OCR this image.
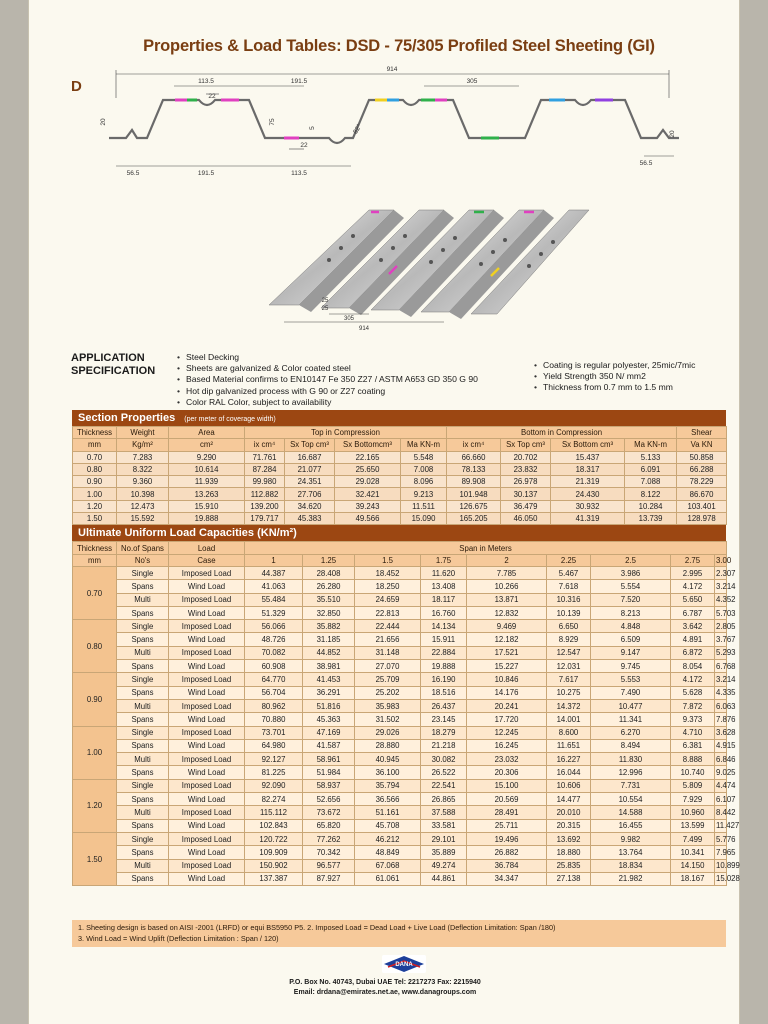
Properties & Load Tables: DSD - 75/305 Profiled Steel Sheeting (GI)
D
914
305
113.5	191.5
22
22
56.5	191.5	113.5
56.5
75
20
20
5	82°
914
305
25
25
APPLICATION
SPECIFICATION
• Steel Decking
• Sheets are galvanized & Color coated steel
• Based Material confirms to EN10147 Fe 350 Z27 / ASTM A653 GD 350 G 90
• Hot dip galvanized process with G 90 or Z27 coating
• Color RAL Color, subject to availability
• Coating is regular polyester, 25mic/7mic
• Yield Strength 350 N/ mm2
• Thickness from 0.7 mm to 1.5 mm
Section Properties (per meter of coverage width)
Thickness	Weight	Area	Top in Compression				Bottom in Compression				Shear
mm	Kg/m²	cm²	ix cm⁴	Sx Top cm³	Sx Bottomcm³	Ma KN-m	ix cm⁴	Sx Top cm³	Sx Bottom cm³	Ma KN-m	Va KN
0.70	7.283	9.290	71.761	16.687	22.165	5.548	66.660	20.702	15.437	5.133	50.858
0.80	8.322	10.614	87.284	21.077	25.650	7.008	78.133	23.832	18.317	6.091	66.288
0.90	9.360	11.939	99.980	24.351	29.028	8.096	89.908	26.978	21.319	7.088	78.229
1.00	10.398	13.263	112.882	27.706	32.421	9.213	101.948	30.137	24.430	8.122	86.670
1.20	12.473	15.910	139.200	34.620	39.243	11.511	126.675	36.479	30.932	10.284	103.401
1.50	15.592	19.888	179.717	45.383	49.566	15.090	165.205	46.050	41.319	13.739	128.978
Ultimate Uniform Load Capacities (KN/m²)
Thickness	No.of Spans	Load	Span in Meters								
mm	No's	Case	1	1.25	1.5	1.75	2	2.25	2.5	2.75	3.00
0.70	Single	Imposed Load	44.387	28.408	18.452	11.620	7.785	5.467	3.986	2.995	2.307
	Spans	Wind Load	41.063	26.280	18.250	13.408	10.266	7.618	5.554	4.172	3.214
	Multi	Imposed Load	55.484	35.510	24.659	18.117	13.871	10.316	7.520	5.650	4.352
	Spans	Wind Load	51.329	32.850	22.813	16.760	12.832	10.139	8.213	6.787	5.703
0.80	Single	Imposed Load	56.066	35.882	22.444	14.134	9.469	6.650	4.848	3.642	2.805
	Spans	Wind Load	48.726	31.185	21.656	15.911	12.182	8.929	6.509	4.891	3.767
	Multi	Imposed Load	70.082	44.852	31.148	22.884	17.521	12.547	9.147	6.872	5.293
	Spans	Wind Load	60.908	38.981	27.070	19.888	15.227	12.031	9.745	8.054	6.768
0.90	Single	Imposed Load	64.770	41.453	25.709	16.190	10.846	7.617	5.553	4.172	3.214
	Spans	Wind Load	56.704	36.291	25.202	18.516	14.176	10.275	7.490	5.628	4.335
	Multi	Imposed Load	80.962	51.816	35.983	26.437	20.241	14.372	10.477	7.872	6.063
	Spans	Wind Load	70.880	45.363	31.502	23.145	17.720	14.001	11.341	9.373	7.876
1.00	Single	Imposed Load	73.701	47.169	29.026	18.279	12.245	8.600	6.270	4.710	3.628
	Spans	Wind Load	64.980	41.587	28.880	21.218	16.245	11.651	8.494	6.381	4.915
	Multi	Imposed Load	92.127	58.961	40.945	30.082	23.032	16.227	11.830	8.888	6.846
	Spans	Wind Load	81.225	51.984	36.100	26.522	20.306	16.044	12.996	10.740	9.025
1.20	Single	Imposed Load	92.090	58.937	35.794	22.541	15.100	10.606	7.731	5.809	4.474
	Spans	Wind Load	82.274	52.656	36.566	26.865	20.569	14.477	10.554	7.929	6.107
	Multi	Imposed Load	115.112	73.672	51.161	37.588	28.491	20.010	14.588	10.960	8.442
	Spans	Wind Load	102.843	65.820	45.708	33.581	25.711	20.315	16.455	13.599	11.427
1.50	Single	Imposed Load	120.722	77.262	46.212	29.101	19.496	13.692	9.982	7.499	5.776
	Spans	Wind Load	109.909	70.342	48.849	35.889	26.882	18.880	13.764	10.341	7.965
	Multi	Imposed Load	150.902	96.577	67.068	49.274	36.784	25.835	18.834	14.150	10.899
	Spans	Wind Load	137.387	87.927	61.061	44.861	34.347	27.138	21.982	18.167	15.028
1. Sheeting design is based on AISI -2001 (LRFD) or equi BS5950 P5. 2. Imposed Load = Dead Load + Live Load (Deflection Limitation: Span /180)
3. Wind Load = Wind Uplift (Deflection Limitation : Span / 120)
DANA
P.O. Box No. 40743, Dubai UAE Tel: 2217273 Fax: 2215940
Email: drdana@emirates.net.ae, www.danagroups.com
